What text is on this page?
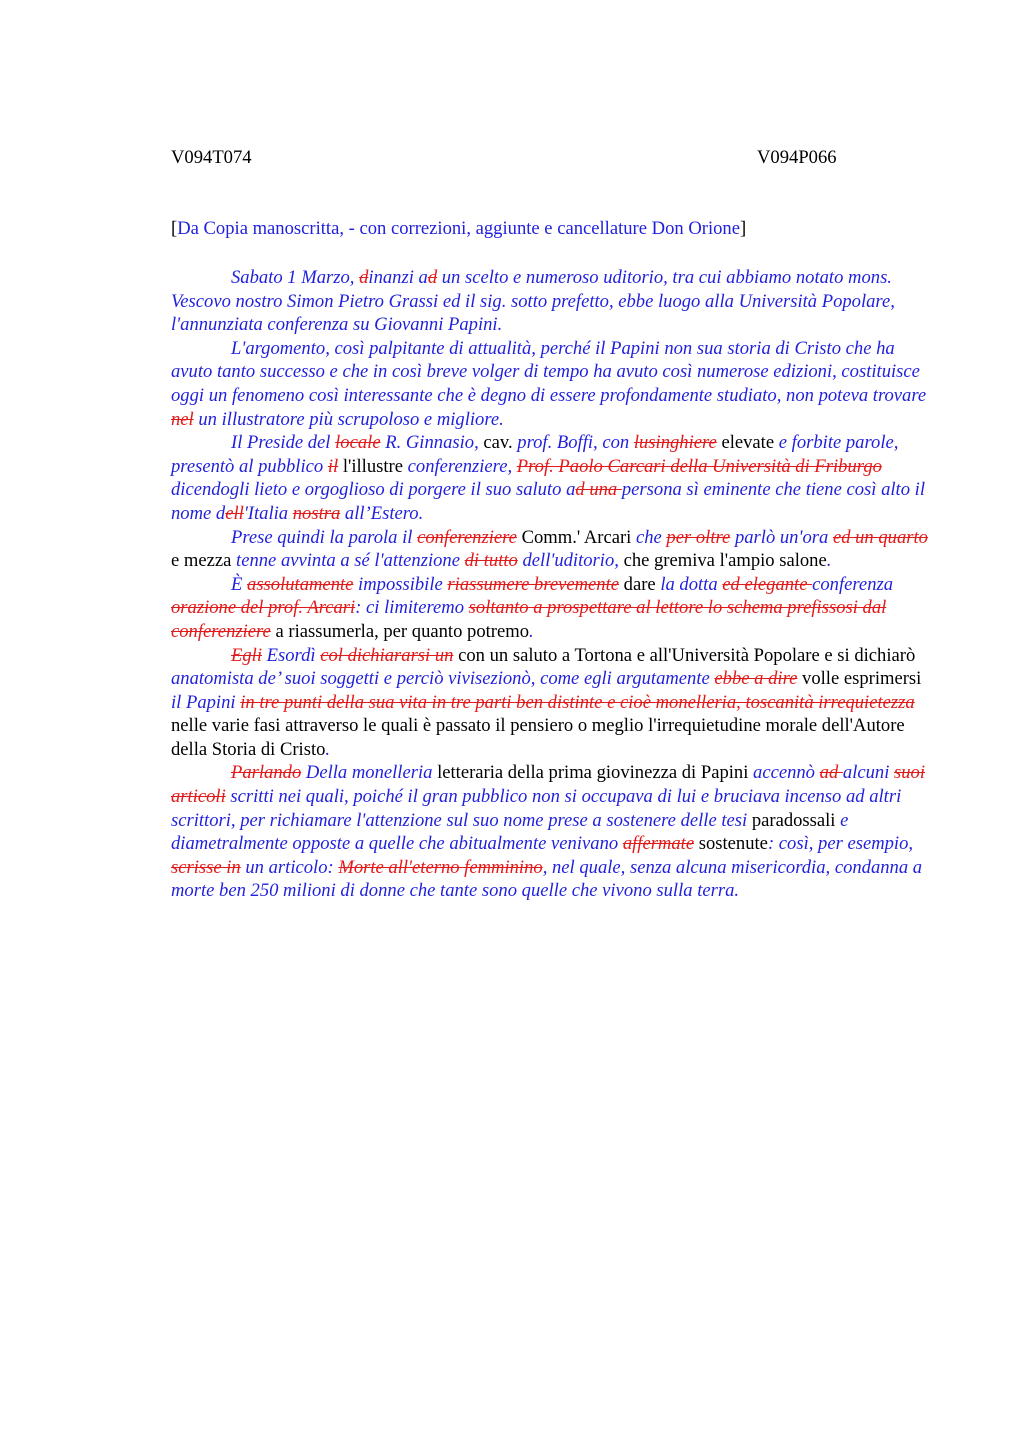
V094T074	V094P066
[Da Copia manoscritta, - con correzioni, aggiunte e cancellature Don Orione]

Sabato 1 Marzo, dinanzi ad un scelto e numeroso uditorio, tra cui abbiamo notato mons. Vescovo nostro Simon Pietro Grassi ed il sig. sotto prefetto, ebbe luogo alla Università Popolare, l'annunziata conferenza su Giovanni Papini.

L'argomento, così palpitante di attualità, perché il Papini non sua storia di Cristo che ha avuto tanto successo e che in così breve volger di tempo ha avuto così numerose edizioni, costituisce oggi un fenomeno così interessante che è degno di essere profondamente studiato, non poteva trovare nel un illustratore più scrupoloso e migliore.

Il Preside del locale R. Ginnasio, cav. prof. Boffi, con lusinghiere elevate e forbite parole, presentò al pubblico il l'illustre conferenziere, Prof. Paolo Carcari della Università di Friburgo dicendogli lieto e orgoglioso di porgere il suo saluto ad una persona sì eminente che tiene così alto il nome dell'Italia nostra all’Estero.

Prese quindi la parola il conferenziere Comm.' Arcari che per oltre parlò un'ora ed un quarto e mezza tenne avvinta a sé l'attenzione di tutto dell'uditorio, che gremiva l'ampio salone.

È assolutamente impossibile riassumere brevemente dare la dotta ed elegante conferenza orazione del prof. Arcari: ci limiteremo soltanto a prospettare al lettore lo schema prefissosi dal conferenziere a riassumerla, per quanto potremo.

Egli Esordì col dichiararsi un con un saluto a Tortona e all'Università Popolare e si dichiarò anatomista de’ suoi soggetti e perciò vivisezionò, come egli argutamente ebbe a dire volle esprimersi il Papini in tre punti della sua vita in tre parti ben distinte e cioè monelleria, toscanità irrequietezza nelle varie fasi attraverso le quali è passato il pensiero o meglio l'irrequietudine morale dell'Autore della Storia di Cristo.

Parlando Della monelleria letteraria della prima giovinezza di Papini accennò ad alcuni suoi articoli scritti nei quali, poiché il gran pubblico non si occupava di lui e bruciava incenso ad altri scrittori, per richiamare l'attenzione sul suo nome prese a sostenere delle tesi paradossali e diametralmente opposte a quelle che abitualmente venivano affermate sostenute: così, per esempio, scrisse in un articolo: Morte all'eterno femminino, nel quale, senza alcuna misericordia, condanna a morte ben 250 milioni di donne che tante sono quelle che vivono sulla terra.
